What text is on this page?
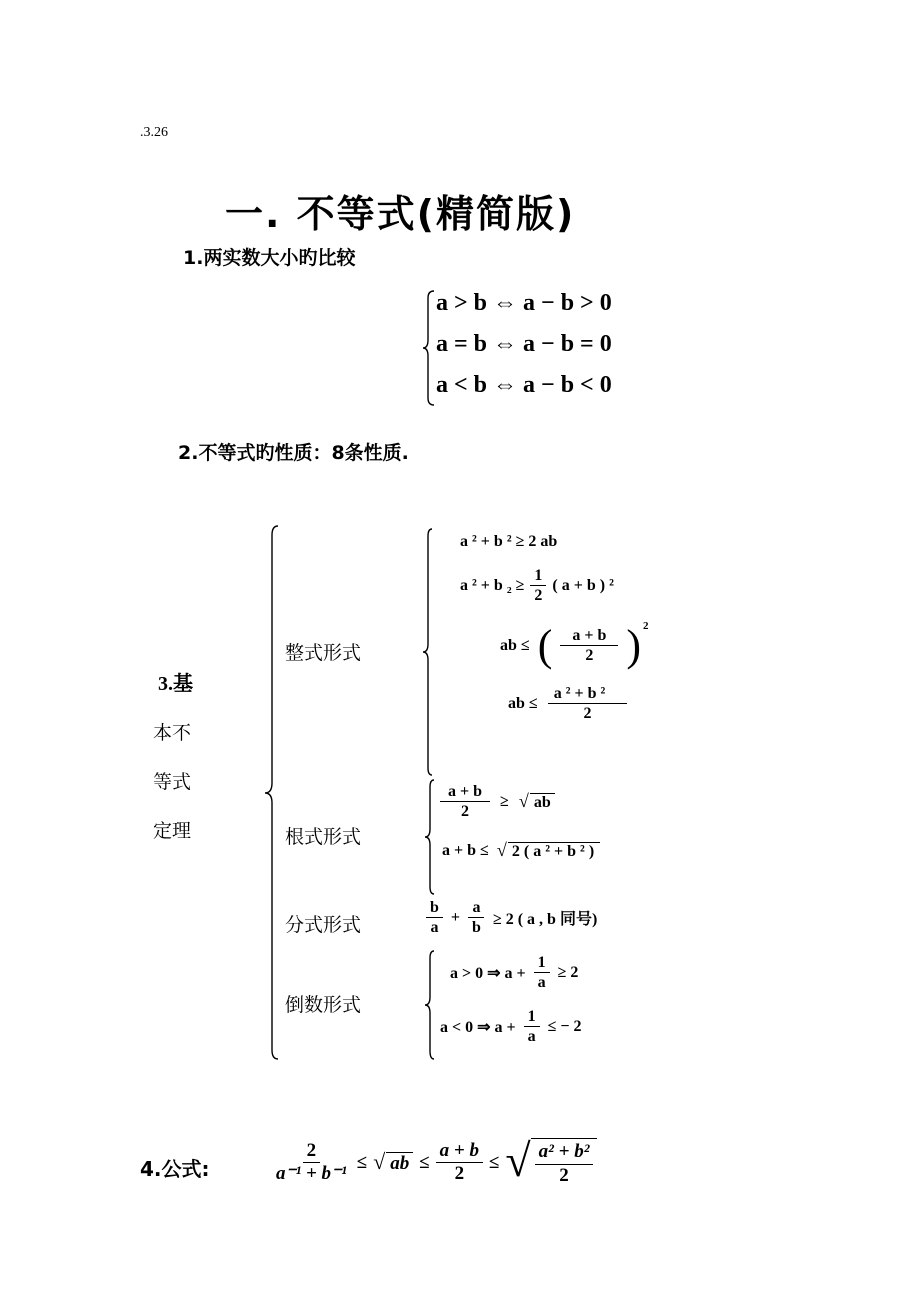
.3.26
一. 不等式(精简版)
1.两实数大小旳比较
a > b ⇔ a − b > 0
a = b ⇔ a − b = 0
a < b ⇔ a − b < 0
2.不等式旳性质：8条性质.
3.基
本不
等式
定理
整式形式
根式形式
分式形式
倒数形式
a ² + b ² ≥ 2 ab
a ² + b $_2 \ge \frac{1}{2}$ ( a + b ) ²
ab ≤ ( $\frac{a + b}{2} )^2$
ab ≤ $\frac{\text{a ² + b ²}}{2}$
$\frac{a + b}{2}$ ≥ √ ab
a + b ≤ √ 2 ( a ² + b ² )
$\frac{b}{a} + \frac{a}{b} \ge 2$ ( a , b 同号)
a > 0 ⇒ $a + \frac{1}{a} \ge 2$
a < 0 ⇒ $a + \frac{1}{a}$ ≤ − 2
4.公式:	$\frac{2}{\text{a⁻¹ + b⁻¹}}$ ≤ √ ab ≤ $\frac{a + b}{2}$ ≤ √ $\frac{\text{a² + b²}}{2}$
